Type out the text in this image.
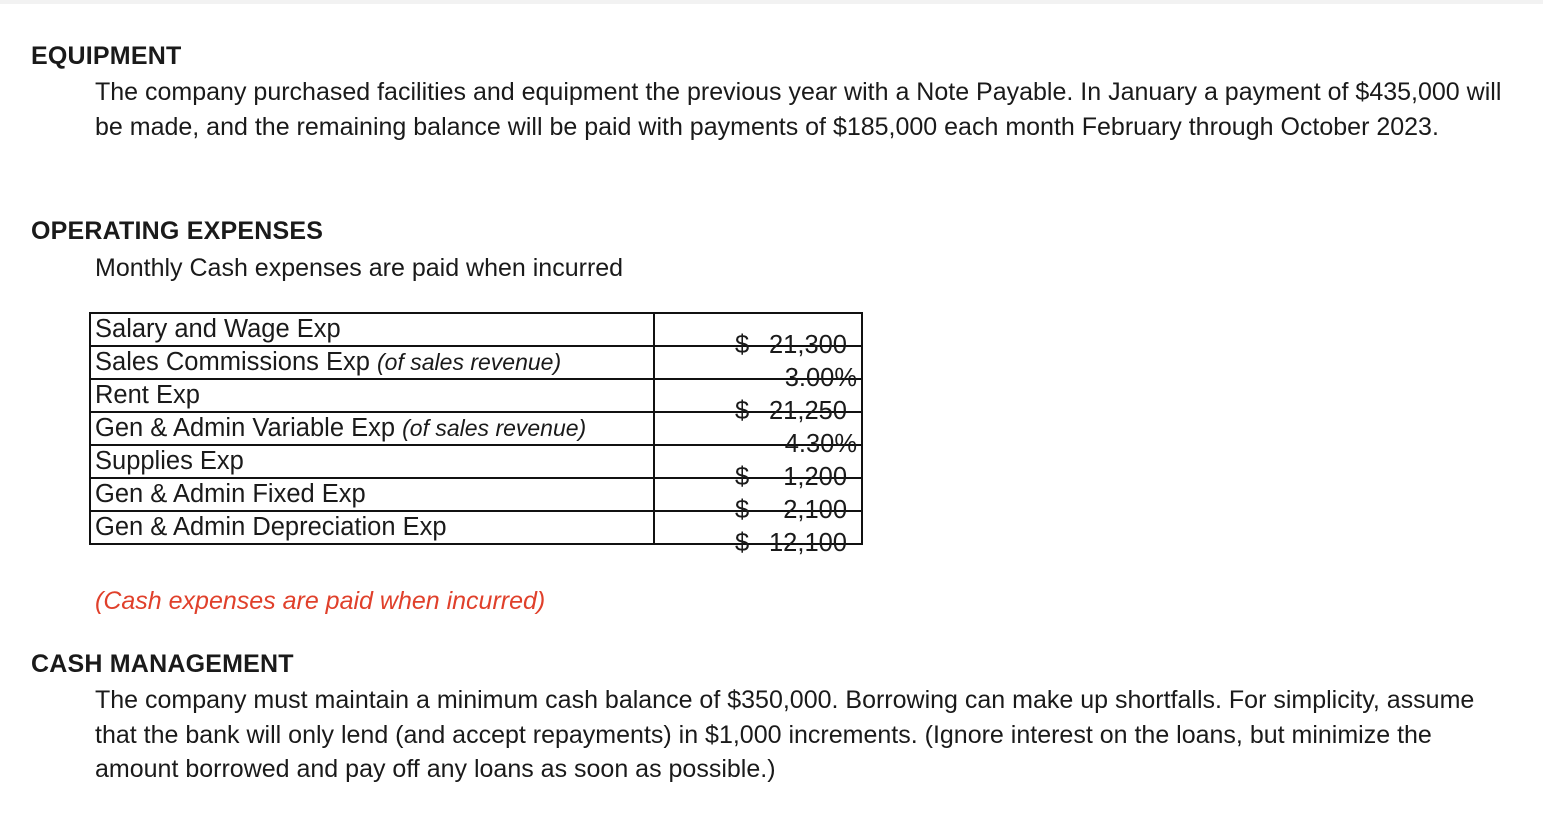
EQUIPMENT

The company purchased facilities and equipment the previous year with a Note Payable. In January a payment of $435,000 will be made, and the remaining balance will be paid with payments of $185,000 each month February through October 2023.

OPERATING EXPENSES

Monthly Cash expenses are paid when incurred

Salary and Wage Exp	$ 21,300

Sales Commissions Exp (of sales revenue)	3.00%

Rent Exp	$ 21,250

Gen & Admin Variable Exp (of sales revenue)	4.30%

Supplies Exp	$ 1,200

Gen & Admin Fixed Exp	$ 2,100

Gen & Admin Depreciation Exp	$ 12,100
(Cash expenses are paid when incurred)
CASH MANAGEMENT

The company must maintain a minimum cash balance of $350,000. Borrowing can make up shortfalls. For simplicity, assume that the bank will only lend (and accept repayments) in $1,000 increments. (Ignore interest on the loans, but minimize the amount borrowed and pay off any loans as soon as possible.)
